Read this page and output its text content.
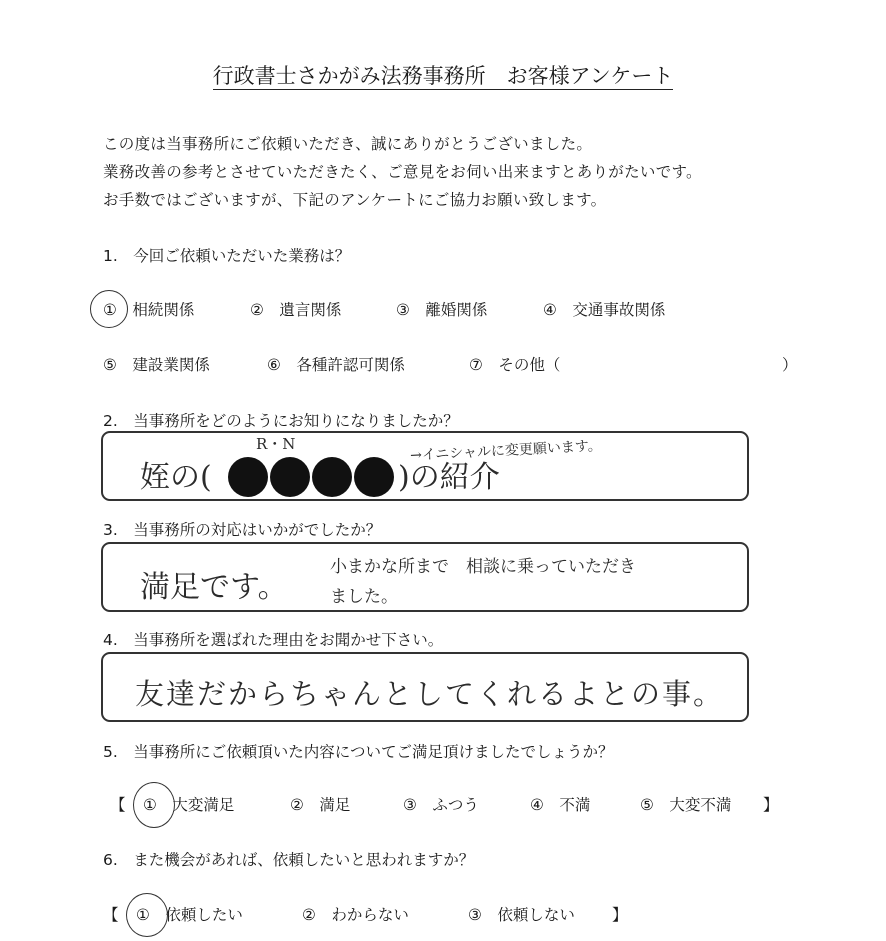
行政書士さかがみ法務事務所　お客様アンケート
この度は当事務所にご依頼いただき、誠にありがとうございました。
業務改善の参考とさせていただきたく、ご意見をお伺い出来ますとありがたいです。
お手数ではございますが、下記のアンケートにご協力お願い致します。
1.　今回ご依頼いただいた業務は？
①　相続関係	②　遺言関係	③　離婚関係	④　交通事故関係
⑤　建設業関係	⑥　各種許認可関係	⑦　その他（	）
2.　当事務所をどのようにお知りになりましたか？
姪の(	)の紹介
R・N	→イニシャルに変更願います。
3.　当事務所の対応はいかがでしたか？
満足です。
小まかな所まで　相談に乗っていただき
ました。
4.　当事務所を選ばれた理由をお聞かせ下さい。
友達だからちゃんとしてくれるよとの事。
5.　当事務所にご依頼頂いた内容についてご満足頂けましたでしょうか？
【 ①　大変満足	②　満足	③　ふつう	④　不満	⑤　大変不満 】
6.　また機会があれば、依頼したいと思われますか？
【 ①　依頼したい	②　わからない	③　依頼しない 】
